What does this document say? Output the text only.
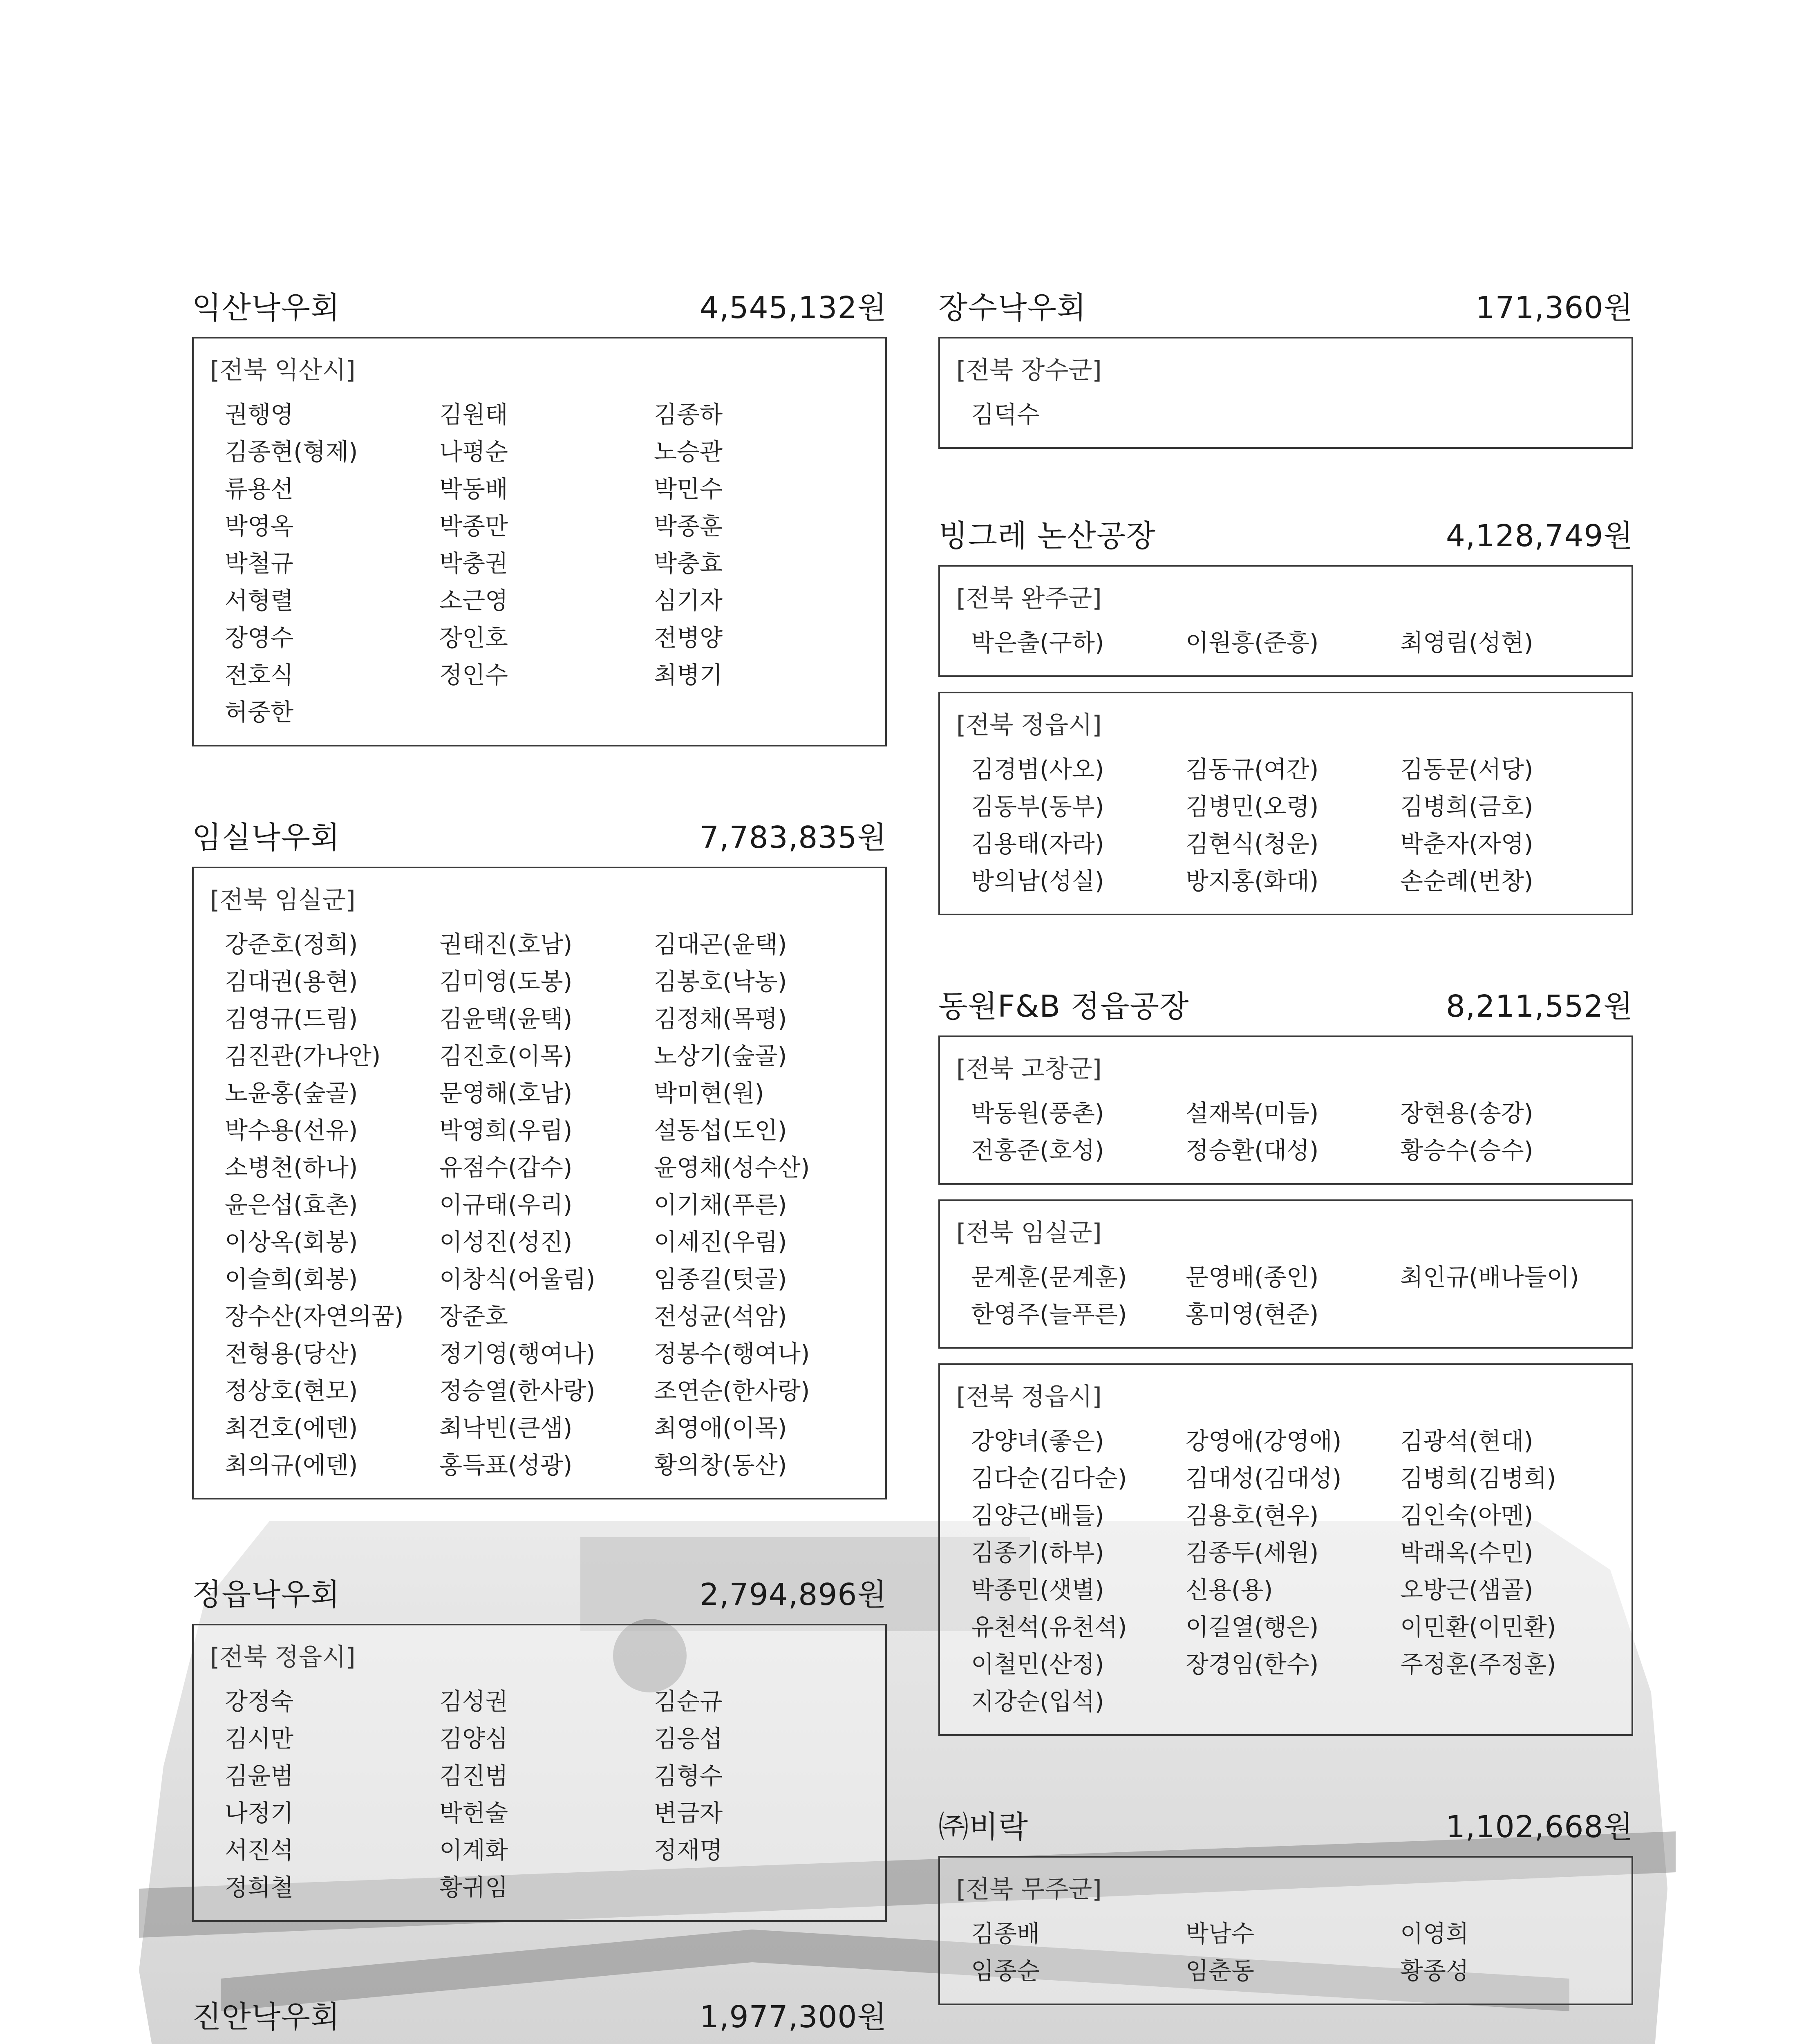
익산낙우회	4,545,132원
[전북 익산시]
권행영	김원태	김종하
김종현(형제)	나평순	노승관
류용선	박동배	박민수
박영옥	박종만	박종훈
박철규	박충권	박충효
서형렬	소근영	심기자
장영수	장인호	전병양
전호식	정인수	최병기
허중한
임실낙우회	7,783,835원
[전북 임실군]
강준호(정희)	권태진(호남)	김대곤(윤택)
김대권(용현)	김미영(도봉)	김봉호(낙농)
김영규(드림)	김윤택(윤택)	김정채(목평)
김진관(가나안)	김진호(이목)	노상기(숲골)
노윤홍(숲골)	문영해(호남)	박미현(원)
박수용(선유)	박영희(우림)	설동섭(도인)
소병천(하나)	유점수(갑수)	윤영채(성수산)
윤은섭(효촌)	이규태(우리)	이기채(푸른)
이상옥(회봉)	이성진(성진)	이세진(우림)
이슬희(회봉)	이창식(어울림)	임종길(텃골)
장수산(자연의꿈)	장준호	전성균(석암)
전형용(당산)	정기영(행여나)	정봉수(행여나)
정상호(현모)	정승열(한사랑)	조연순(한사랑)
최건호(에덴)	최낙빈(큰샘)	최영애(이목)
최의규(에덴)	홍득표(성광)	황의창(동산)
정읍낙우회	2,794,896원
[전북 정읍시]
강정숙	김성권	김순규
김시만	김양심	김응섭
김윤범	김진범	김형수
나정기	박헌술	변금자
서진석	이계화	정재명
정희철	황귀임
진안낙우회	1,977,300원
장수낙우회	171,360원
[전북 장수군]
김덕수
빙그레 논산공장	4,128,749원
[전북 완주군]
박은출(구하)	이원흥(준흥)	최영림(성현)
[전북 정읍시]
김경범(사오)	김동규(여간)	김동문(서당)
김동부(동부)	김병민(오령)	김병희(금호)
김용태(자라)	김현식(청운)	박춘자(자영)
방의남(성실)	방지홍(화대)	손순례(번창)
동원F&B 정읍공장	8,211,552원
[전북 고창군]
박동원(풍촌)	설재복(미듬)	장현용(송강)
전홍준(호성)	정승환(대성)	황승수(승수)
[전북 임실군]
문계훈(문계훈)	문영배(종인)	최인규(배나들이)
한영주(늘푸른)	홍미영(현준)
[전북 정읍시]
강양녀(좋은)	강영애(강영애)	김광석(현대)
김다순(김다순)	김대성(김대성)	김병희(김병희)
김양근(배들)	김용호(현우)	김인숙(아멘)
김종기(하부)	김종두(세원)	박래옥(수민)
박종민(샛별)	신용(용)	오방근(샘골)
유천석(유천석)	이길열(행은)	이민환(이민환)
이철민(산정)	장경임(한수)	주정훈(주정훈)
지강순(입석)
㈜비락	1,102,668원
[전북 무주군]
김종배	박남수	이영희
임종순	임춘동	황종성
